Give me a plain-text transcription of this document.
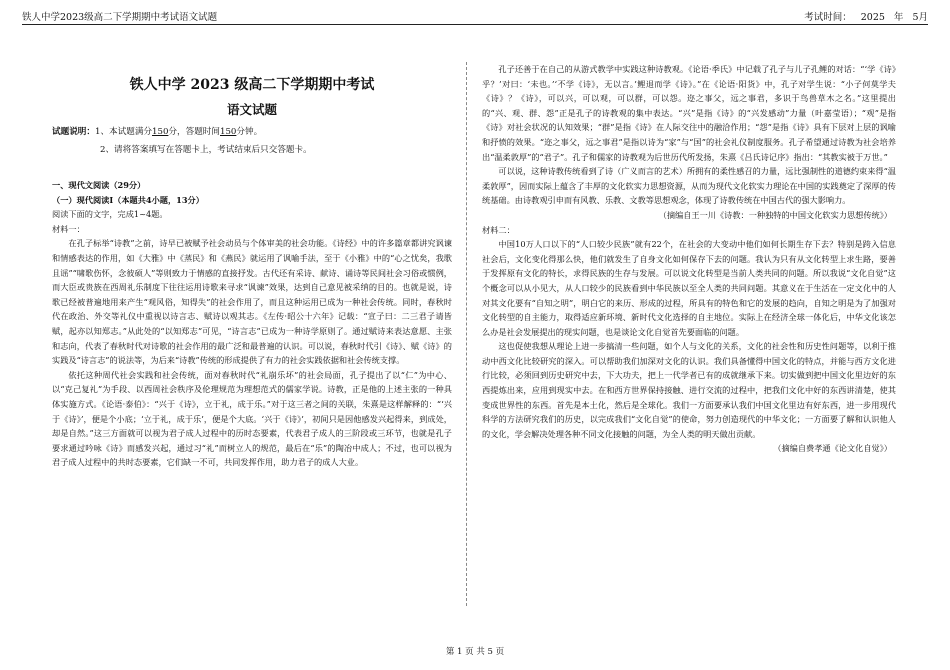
铁人中学2023级高二下学期期中考试语文试题	考试时间： 2025 年 5月
铁人中学 2023 级高二下学期期中考试
语文试题

试题说明：1、本试题满分150分，答题时间150分钟。

2、请将答案填写在答题卡上，考试结束后只交答题卡。

一、现代文阅读（29分）
（一）现代阅读Ⅰ（本题共4小题，13分）

阅读下面的文字，完成1~4题。

材料一：

在孔子标举“诗教”之前，诗早已被赋予社会动员与个体审美的社会功能。《诗经》中的许多篇章都讲究讽谏和情感表达的作用，如《大雅》中《蒸民》和《燕民》就运用了讽喻手法，至于《小雅》中的“心之忧矣，我歌且谣”“啸歌伤怀，念彼硕人”等则致力于情感的直接抒发。古代还有采诗、献诗、诵诗等民间社会习俗或惯例，而大臣或贵族在西周礼乐制度下往往运用诗歌来寻求“讽谏”效果，达到自己意见被采纳的目的。也就是说，诗歌已经被普遍地用来产生“观风俗，知得失”的社会作用了，而且这种运用已成为一种社会传统。同时，春秋时代在政治、外交等礼仪中重视以诗言志、赋诗以观其志。《左传·昭公十六年》记载：“宣子曰：二三君子请皆赋，起亦以知郑志。”从此处的“以知郑志”可见，“诗言志”已成为一种诗学原则了。通过赋诗来表达意愿、主张和志向，代表了春秋时代对诗歌的社会作用的最广泛和最普遍的认识。可以说，春秋时代引《诗》、赋《诗》的实践及“诗言志”的说法等，为后来“诗教”传统的形成提供了有力的社会实践依据和社会传统支撑。

依托这种周代社会实践和社会传统，面对春秋时代“礼崩乐坏”的社会局面，孔子提出了以“仁”为中心、以“克己复礼”为手段、以西周社会秩序及伦理规范为理想范式的儒家学说。诗教，正是他的上述主张的一种具体实施方式。《论语·泰伯》：“兴于《诗》，立于礼，成于乐。”对于这三者之间的关联，朱熹是这样解释的：“‘兴于《诗》’，便是个小底；‘立于礼，成于乐’，便是个大底。‘兴于《诗》’，初间只是因他感发兴起得来，到成处，却是自然。”这三方面就可以视为君子成人过程中的历时态要素，代表君子成人的三阶段或三环节，也就是孔子要求通过吟咏《诗》而感发兴起，通过习“礼”而树立人的规范，最后在“乐”的陶冶中成人；不过，也可以视为君子成人过程中的共时态要素，它们缺一不可，共同发挥作用，助力君子的成人大业。

孔子还善于在自己的从游式教学中实践这种诗教观。《论语·季氏》中记载了孔子与儿子孔鲤的对话：“‘学《诗》乎？’对曰：‘未也。’‘不学《诗》，无以言。’鲤退而学《诗》。”在《论语·阳货》中，孔子对学生说：“小子何莫学夫《诗》？《诗》，可以兴，可以观，可以群，可以怨。迩之事父，远之事君，多识于鸟兽草木之名。”这里提出的“兴、观、群、怨”正是孔子的诗教观的集中表达。“兴”是指《诗》的“兴发感动”力量（叶嘉莹语）；“观”是指《诗》对社会状况的认知效果；“群”是指《诗》在人际交往中的融洽作用；“怨”是指《诗》具有下层对上层的讽喻和抒愤的效果。“迩之事父，远之事君”是指以诗为“家”与“国”的社会礼仪制度服务。孔子希望通过诗教为社会培养出“温柔敦厚”的“君子”。孔子和儒家的诗教观为后世历代所发扬，朱熹《吕氏诗记序》指出：“其教实被于万世。”

可以说，这种诗教传统看到了诗（广义而言的艺术）所拥有的柔性感召的力量，远比强制性的道德约束来得“温柔敦厚”，因而实际上蕴含了丰厚的文化软实力思想资源，从而为现代文化软实力理论在中国的实践奠定了深厚的传统基础。由诗教观引申而有风教、乐教、文教等思想观念，体现了诗教传统在中国古代的强大影响力。

（摘编自王一川《诗教：一种独特的中国文化软实力思想传统》）

材料二：

中国10万人口以下的“人口较少民族”就有22个，在社会的大变动中他们如何长期生存下去？特别是跨入信息社会后，文化变化得那么快，他们就发生了自身文化如何保存下去的问题。我认为只有从文化转型上求生路，要善于发挥原有文化的特长，求得民族的生存与发展。可以说文化转型是当前人类共同的问题。所以我说“文化自觉”这个概念可以从小见大，从人口较少的民族看到中华民族以至全人类的共同问题。其意义在于生活在一定文化中的人对其文化要有“自知之明”，明白它的来历、形成的过程，所具有的特色和它的发展的趋向，自知之明是为了加强对文化转型的自主能力，取得适应新环境、新时代文化选择的自主地位。实际上在经济全球一体化后，中华文化该怎么办是社会发展提出的现实问题，也是谈论文化自觉首先要面临的问题。

这也促使我想从理论上进一步搞清一些问题，如个人与文化的关系，文化的社会性和历史性问题等，以利于推动中西文化比较研究的深入。可以帮助我们加深对文化的认识。我们具备懂得中国文化的特点，并能与西方文化进行比较，必须回到历史研究中去，下大功夫，把上一代学者已有的成就继承下来。切实做到把中国文化里边好的东西提炼出来，应用到现实中去。在和西方世界保持接触、进行交流的过程中，把我们文化中好的东西讲清楚，使其变成世界性的东西。首先是本土化，然后是全球化。我们一方面要承认我们中国文化里边有好东西，进一步用现代科学的方法研究我们的历史，以完成我们“文化自觉”的使命，努力创造现代的中华文化；一方面要了解和认识他人的文化，学会解决处理各种不同文化接触的问题，为全人类的明天做出贡献。

（摘编自费孝通《论文化自觉》）

第 1 页 共 5 页
